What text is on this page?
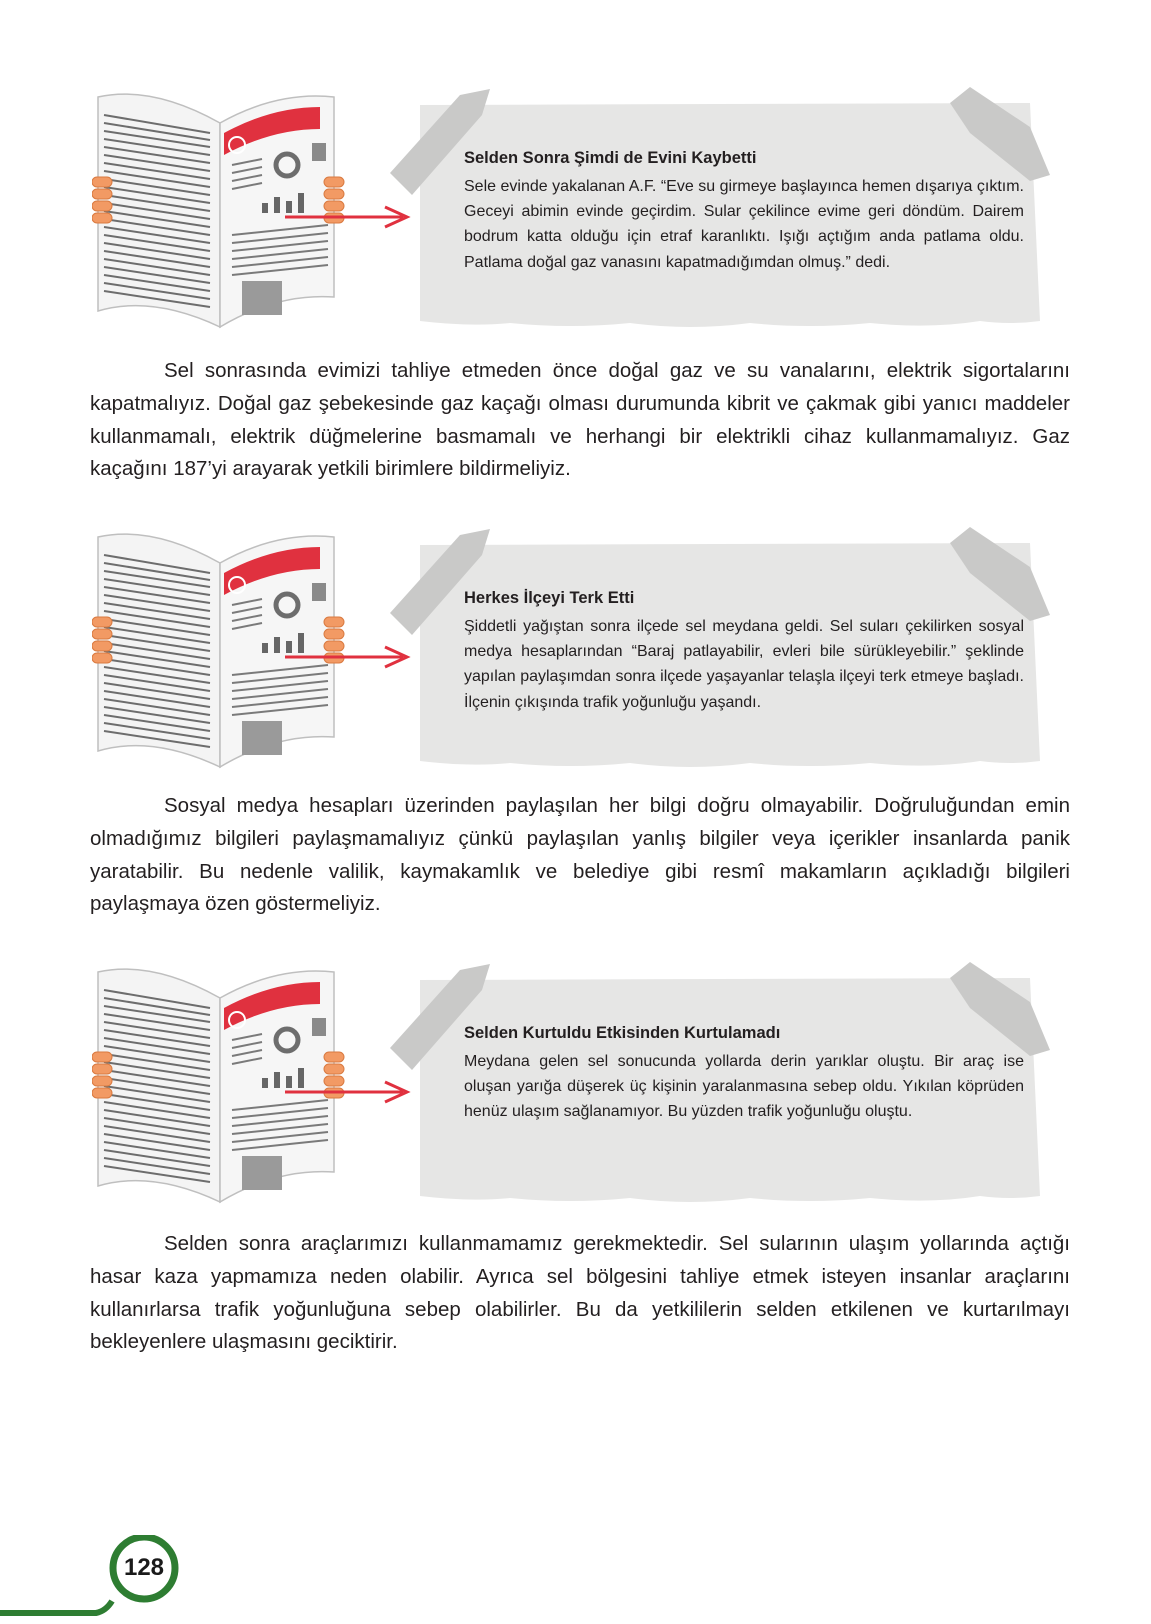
Selden Sonra Şimdi de Evini Kaybetti

Sele evinde yakalanan A.F. “Eve su girmeye başlayınca hemen dışarıya çıktım. Geceyi abimin evinde geçirdim. Sular çekilince evime geri döndüm. Dairem bodrum katta olduğu için etraf karanlıktı. Işığı açtığım anda patlama oldu. Patlama doğal gaz vanasını kapatmadığımdan olmuş.” dedi.

Sel sonrasında evimizi tahliye etmeden önce doğal gaz ve su vanalarını, elektrik sigortalarını kapatmalıyız. Doğal gaz şebekesinde gaz kaçağı olması durumunda kibrit ve çakmak gibi yanıcı maddeler kullanmamalı, elektrik düğmelerine basmamalı ve herhangi bir elektrikli cihaz kullanmamalıyız. Gaz kaçağını 187’yi arayarak yetkili birimlere bildirmeliyiz.

Herkes İlçeyi Terk Etti

Şiddetli yağıştan sonra ilçede sel meydana geldi. Sel suları çekilirken sosyal medya hesaplarından “Baraj patlayabilir, evleri bile sürükleyebilir.” şeklinde yapılan paylaşımdan sonra ilçede yaşayanlar telaşla ilçeyi terk etmeye başladı. İlçenin çıkışında trafik yoğunluğu yaşandı.

Sosyal medya hesapları üzerinden paylaşılan her bilgi doğru olmayabilir. Doğruluğundan emin olmadığımız bilgileri paylaşmamalıyız çünkü paylaşılan yanlış bilgiler veya içerikler insanlarda panik yaratabilir. Bu nedenle valilik, kaymakamlık ve belediye gibi resmî makamların açıkladığı bilgileri paylaşmaya özen göstermeliyiz.

Selden Kurtuldu Etkisinden Kurtulamadı

Meydana gelen sel sonucunda yollarda derin yarıklar oluştu. Bir araç ise oluşan yarığa düşerek üç kişinin yaralanmasına sebep oldu. Yıkılan köprüden henüz ulaşım sağlanamıyor. Bu yüzden trafik yoğunluğu oluştu.

Selden sonra araçlarımızı kullanmamamız gerekmektedir. Sel sularının ulaşım yollarında açtığı hasar kaza yapmamıza neden olabilir. Ayrıca sel bölgesini tahliye etmek isteyen insanlar araçlarını kullanırlarsa trafik yoğunluğuna sebep olabilirler. Bu da yetkililerin selden etkilenen ve kurtarılmayı bekleyenlere ulaşmasını geciktirir.

128
